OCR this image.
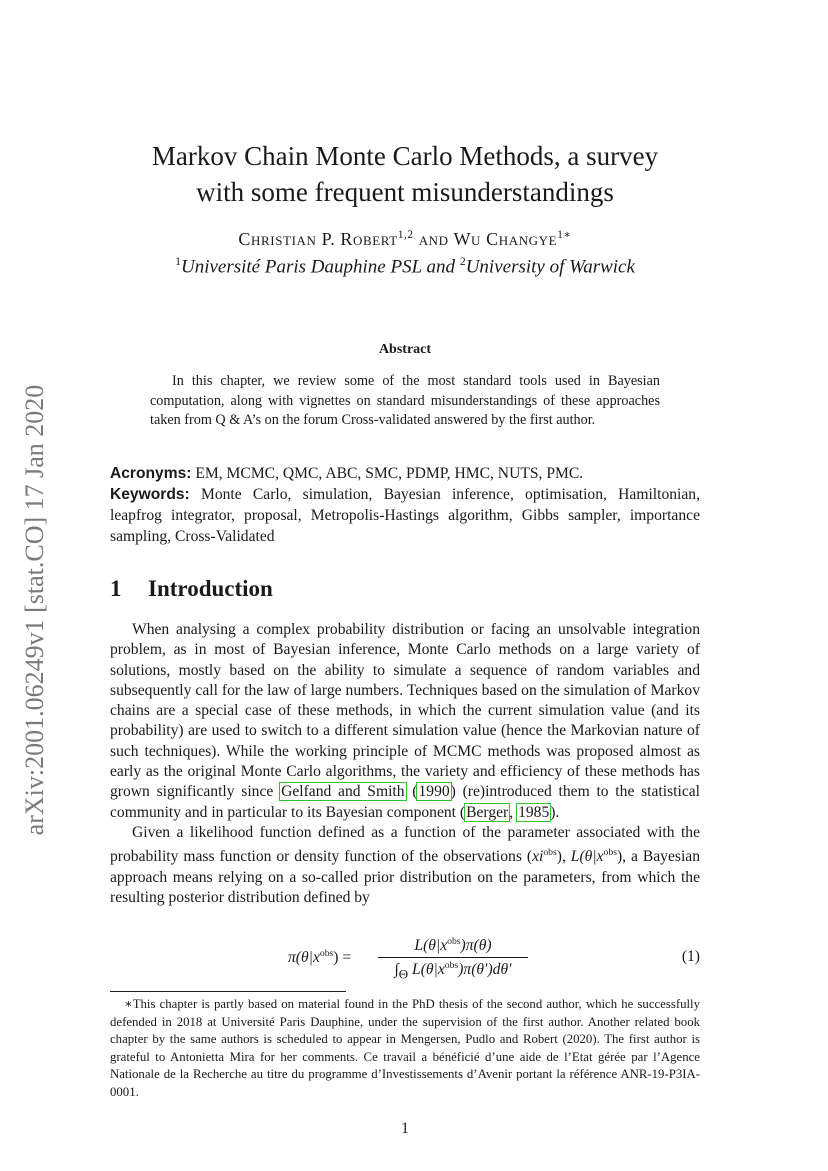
arXiv:2001.06249v1 [stat.CO] 17 Jan 2020
Markov Chain Monte Carlo Methods, a survey
with some frequent misunderstandings
Christian P. Robert$^{1,2}$ and Wu Changye$^{1∗}$
$^1$Université Paris Dauphine PSL and $^2$University of Warwick
Abstract
In this chapter, we review some of the most standard tools used in Bayesian computation, along with vignettes on standard misunderstandings of these approaches taken from Q & A’s on the forum Cross-validated answered by the first author.
Acronyms: EM, MCMC, QMC, ABC, SMC, PDMP, HMC, NUTS, PMC.
Keywords: Monte Carlo, simulation, Bayesian inference, optimisation, Hamiltonian, leapfrog integrator, proposal, Metropolis-Hastings algorithm, Gibbs sampler, importance sampling, Cross-Validated
1 Introduction

When analysing a complex probability distribution or facing an unsolvable integration problem, as in most of Bayesian inference, Monte Carlo methods on a large variety of solutions, mostly based on the ability to simulate a sequence of random variables and subsequently call for the law of large numbers. Techniques based on the simulation of Markov chains are a special case of these methods, in which the current simulation value (and its probability) are used to switch to a different simulation value (hence the Markovian nature of such techniques). While the working principle of MCMC methods was proposed almost as early as the original Monte Carlo algorithms, the variety and efficiency of these methods has grown significantly since Gelfand and Smith (1990) (re)introduced them to the statistical community and in particular to its Bayesian component (Berger, 1985).

Given a likelihood function defined as a function of the parameter associated with the probability mass function or density function of the observations $(xi^{obs})$, $L(\theta|x^{obs})$, a Bayesian approach means relying on a so-called prior distribution on the parameters, from which the resulting posterior distribution defined by

$\pi(\theta|x^{obs})$ =
$L(\theta|x^{obs})\pi(\theta)$
$\int_\Theta$ $L(\theta|x^{obs})\pi(\theta')d\theta'$
(1)
∗This chapter is partly based on material found in the PhD thesis of the second author, which he successfully defended in 2018 at Université Paris Dauphine, under the supervision of the first author. Another related book chapter by the same authors is scheduled to appear in Mengersen, Pudlo and Robert (2020). The first author is grateful to Antonietta Mira for her comments. Ce travail a bénéficié d’une aide de l’Etat gérée par l’Agence Nationale de la Recherche au titre du programme d’Investissements d’Avenir portant la référence ANR-19-P3IA-0001.
1
